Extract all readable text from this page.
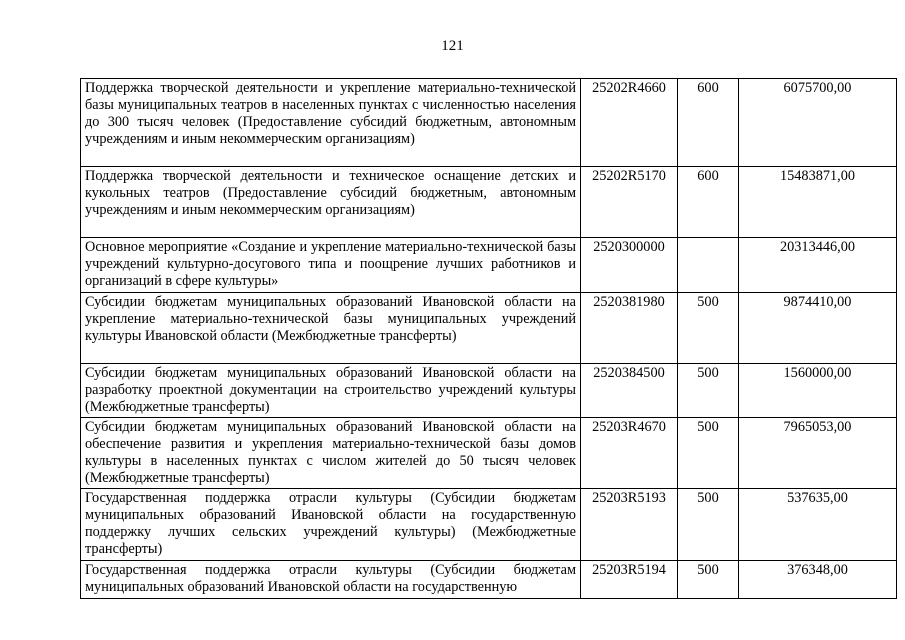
121
Поддержка творческой деятельности и укрепление материально-технической базы муниципальных театров в населенных пунктах с численностью населения до 300 тысяч человек (Предоставление субсидий бюджетным, автономным учреждениям и иным некоммерческим организациям)	25202R4660	600	6075700,00
Поддержка творческой деятельности и техническое оснащение детских и кукольных театров (Предоставление субсидий бюджетным, автономным учреждениям и иным некоммерческим организациям)	25202R5170	600	15483871,00
Основное мероприятие «Создание и укрепление материально-технической базы учреждений культурно-досугового типа и поощрение лучших работников и организаций в сфере культуры»	2520300000		20313446,00
Субсидии бюджетам муниципальных образований Ивановской области на укрепление материально-технической базы муниципальных учреждений культуры Ивановской области (Межбюджетные трансферты)	2520381980	500	9874410,00
Субсидии бюджетам муниципальных образований Ивановской области на разработку проектной документации на строительство учреждений культуры (Межбюджетные трансферты)	2520384500	500	1560000,00
Субсидии бюджетам муниципальных образований Ивановской области на обеспечение развития и укрепления материально-технической базы домов культуры в населенных пунктах с числом жителей до 50 тысяч человек (Межбюджетные трансферты)	25203R4670	500	7965053,00
Государственная поддержка отрасли культуры (Субсидии бюджетам муниципальных образований Ивановской области на государственную поддержку лучших сельских учреждений культуры) (Межбюджетные трансферты)	25203R5193	500	537635,00
Государственная поддержка отрасли культуры (Субсидии бюджетам муниципальных образований Ивановской области на государственную	25203R5194	500	376348,00
